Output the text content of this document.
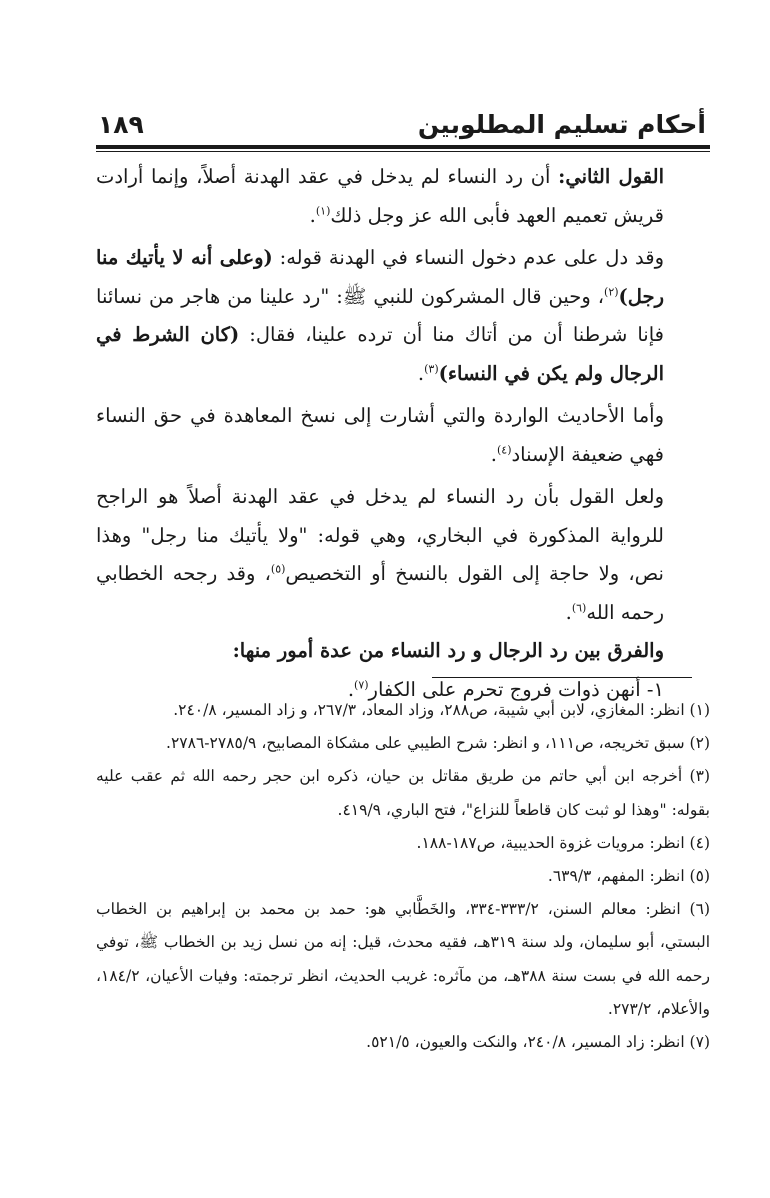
أحكام تسليم المطلوبين
١٨٩

القول الثاني: أن رد النساء لم يدخل في عقد الهدنة أصلاً، وإنما أرادت قريش تعميم العهد فأبى الله عز وجل ذلك$^{(١)}$.

وقد دل على عدم دخول النساء في الهدنة قوله: (وعلى أنه لا يأتيك منا رجل)$^{(٢)}$، وحين قال المشركون للنبي ﷺ: "رد علينا من هاجر من نسائنا فإنا شرطنا أن من أتاك منا أن ترده علينا، فقال: (كان الشرط في الرجال ولم يكن في النساء)$^{(٣)}$.

وأما الأحاديث الواردة والتي أشارت إلى نسخ المعاهدة في حق النساء فهي ضعيفة الإسناد$^{(٤)}$.

ولعل القول بأن رد النساء لم يدخل في عقد الهدنة أصلاً هو الراجح للرواية المذكورة في البخاري، وهي قوله: "ولا يأتيك منا رجل" وهذا نص، ولا حاجة إلى القول بالنسخ أو التخصيص$^{(٥)}$، وقد رجحه الخطابي رحمه الله$^{(٦)}$.

والفرق بين رد الرجال و رد النساء من عدة أمور منها:

١- أنهن ذوات فروج تحرم على الكفار$^{(٧)}$.

(١) انظر: المغازي، لابن أبي شيبة، ص٢٨٨، وزاد المعاد، ٢٦٧/٣، و زاد المسير، ٢٤٠/٨.

(٢) سبق تخريجه، ص١١١، و انظر: شرح الطيبي على مشكاة المصابيح، ٢٧٨٥/٩-٢٧٨٦.

(٣) أخرجه ابن أبي حاتم من طريق مقاتل بن حيان، ذكره ابن حجر رحمه الله ثم عقب عليه بقوله: "وهذا لو ثبت كان قاطعاً للنزاع"، فتح الباري، ٤١٩/٩.

(٤) انظر: مرويات غزوة الحديبية، ص١٨٧-١٨٨.

(٥) انظر: المفهم، ٦٣٩/٣.

(٦) انظر: معالم السنن، ٣٣٣/٢-٣٣٤، والخَطَّابي هو: حمد بن محمد بن إبراهيم بن الخطاب البستي، أبو سليمان، ولد سنة ٣١٩هـ، فقيه محدث، قيل: إنه من نسل زيد بن الخطاب ﷺ، توفي رحمه الله في بست سنة ٣٨٨هـ، من مآثره: غريب الحديث، انظر ترجمته: وفيات الأعيان، ١٨٤/٢، والأعلام، ٢٧٣/٢.

(٧) انظر: زاد المسير، ٢٤٠/٨، والنكت والعيون، ٥٢١/٥.
